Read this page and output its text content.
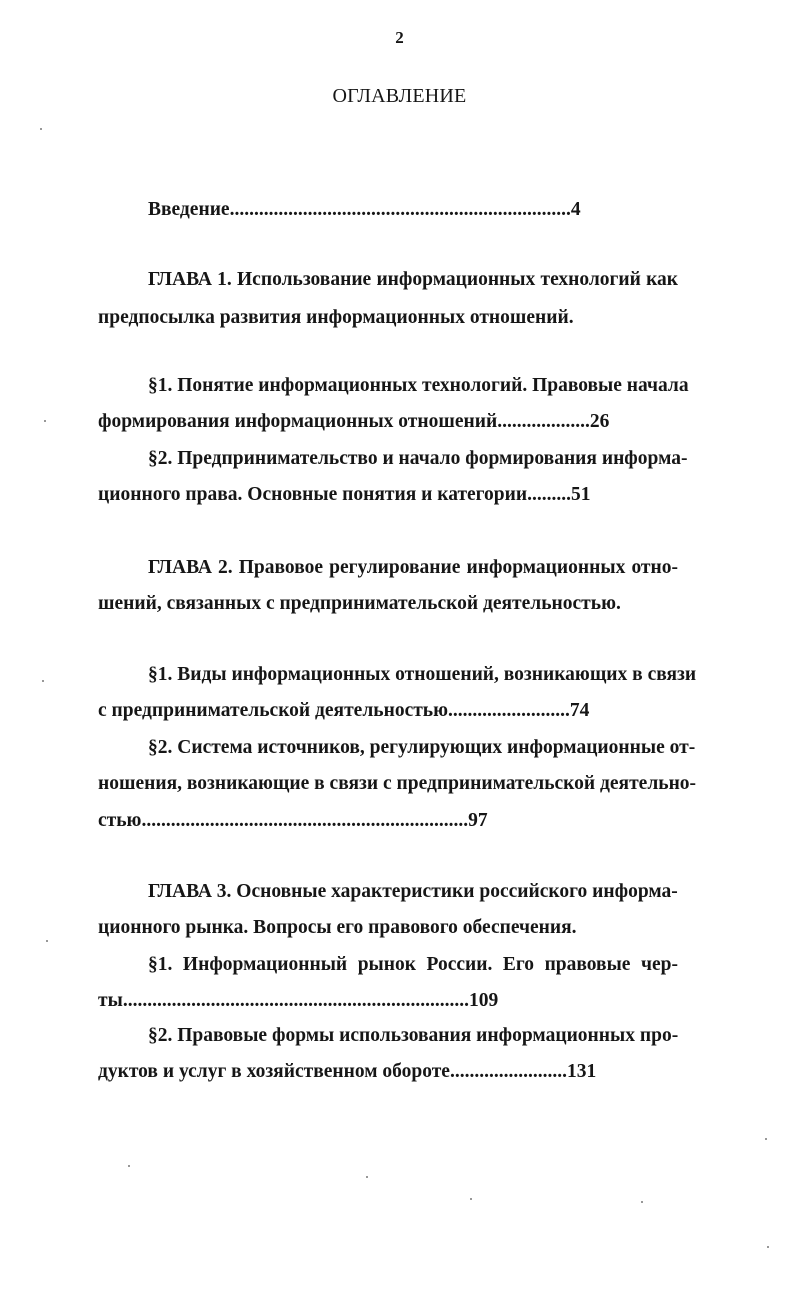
2
ОГЛАВЛЕНИЕ
Введение......................................................................4
ГЛАВА 1. Использование информационных технологий как
предпосылка развития информационных отношений.
§1. Понятие информационных технологий. Правовые начала
формирования информационных отношений...................26
§2. Предпринимательство и начало формирования информа-
ционного права. Основные понятия и категории.........51
ГЛАВА 2. Правовое регулирование информационных отно-
шений, связанных с предпринимательской деятельностью.
§1. Виды информационных отношений, возникающих в связи
с предпринимательской деятельностью.........................74
§2. Система источников, регулирующих информационные от-
ношения, возникающие в связи с предпринимательской деятельно-
стью...................................................................97
ГЛАВА 3. Основные характеристики российского информа-
ционного рынка. Вопросы его правового обеспечения.
§1. Информационный рынок России. Его правовые чер-
ты.......................................................................109
§2. Правовые формы использования информационных про-
дуктов и услуг в хозяйственном обороте........................131
